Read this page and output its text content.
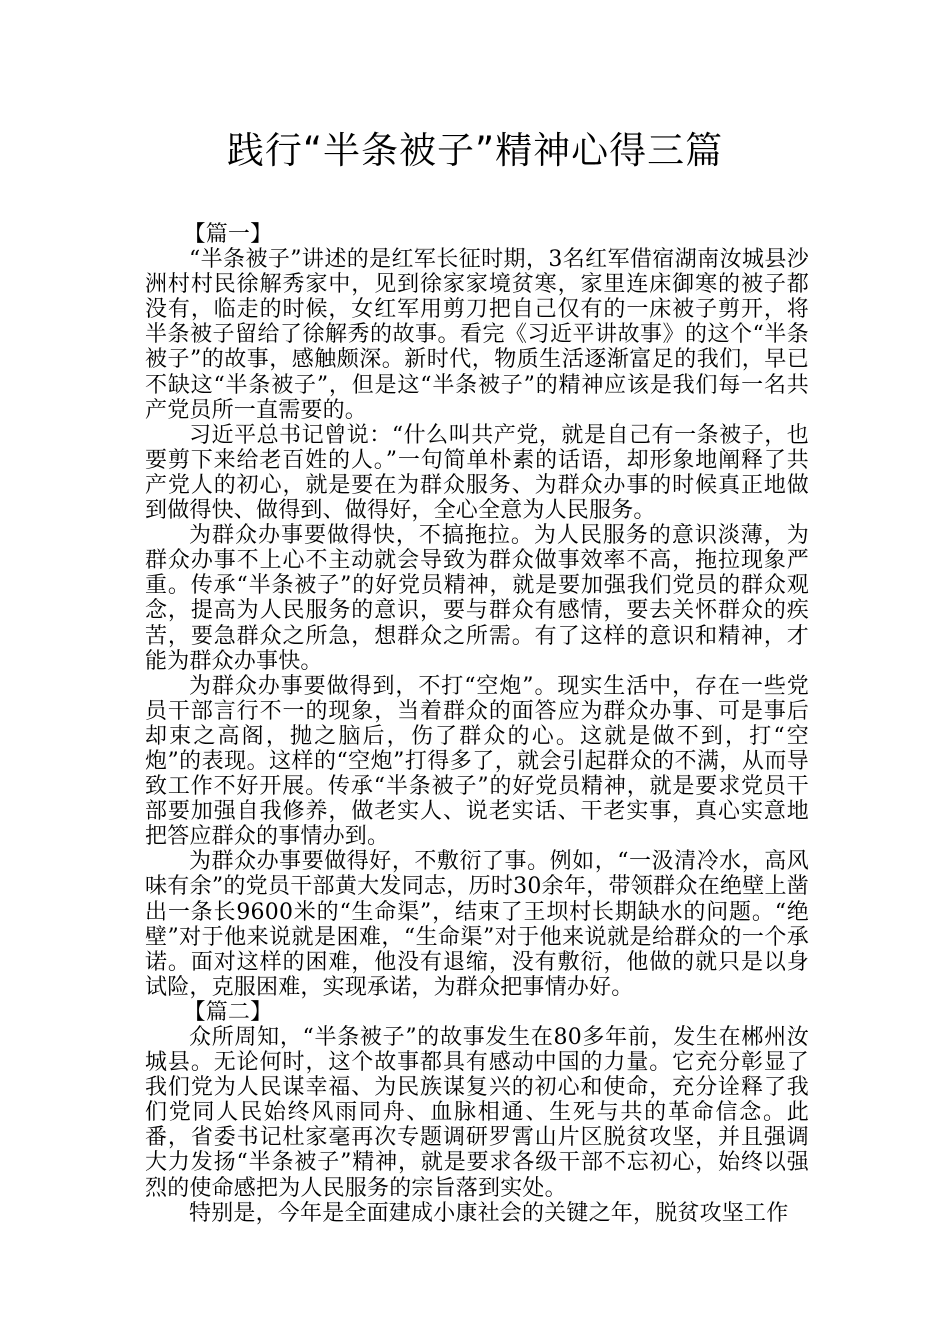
践行“半条被子”精神心得三篇
【篇一】

“半条被子”讲述的是红军长征时期，3名红军借宿湖南汝城县沙洲村村民徐解秀家中，见到徐家家境贫寒，家里连床御寒的被子都没有，临走的时候，女红军用剪刀把自己仅有的一床被子剪开，将半条被子留给了徐解秀的故事。看完《习近平讲故事》的这个“半条被子”的故事，感触颇深。新时代，物质生活逐渐富足的我们，早已不缺这“半条被子”，但是这“半条被子”的精神应该是我们每一名共产党员所一直需要的。

习近平总书记曾说：“什么叫共产党，就是自己有一条被子，也要剪下来给老百姓的人。”一句简单朴素的话语，却形象地阐释了共产党人的初心，就是要在为群众服务、为群众办事的时候真正地做到做得快、做得到、做得好，全心全意为人民服务。

为群众办事要做得快，不搞拖拉。为人民服务的意识淡薄，为群众办事不上心不主动就会导致为群众做事效率不高，拖拉现象严重。传承“半条被子”的好党员精神，就是要加强我们党员的群众观念，提高为人民服务的意识，要与群众有感情，要去关怀群众的疾苦，要急群众之所急，想群众之所需。有了这样的意识和精神，才能为群众办事快。

为群众办事要做得到，不打“空炮”。现实生活中，存在一些党员干部言行不一的现象，当着群众的面答应为群众办事、可是事后却束之高阁，抛之脑后，伤了群众的心。这就是做不到，打“空炮”的表现。这样的“空炮”打得多了，就会引起群众的不满，从而导致工作不好开展。传承“半条被子”的好党员精神，就是要求党员干部要加强自我修养，做老实人、说老实话、干老实事，真心实意地把答应群众的事情办到。

为群众办事要做得好，不敷衍了事。例如，“一汲清冷水，高风味有余”的党员干部黄大发同志，历时30余年，带领群众在绝壁上凿出一条长9600米的“生命渠”，结束了王坝村长期缺水的问题。“绝壁”对于他来说就是困难，“生命渠”对于他来说就是给群众的一个承诺。面对这样的困难，他没有退缩，没有敷衍，他做的就只是以身试险，克服困难，实现承诺，为群众把事情办好。

【篇二】

众所周知，“半条被子”的故事发生在80多年前，发生在郴州汝城县。无论何时，这个故事都具有感动中国的力量。它充分彰显了我们党为人民谋幸福、为民族谋复兴的初心和使命，充分诠释了我们党同人民始终风雨同舟、血脉相通、生死与共的革命信念。此番，省委书记杜家毫再次专题调研罗霄山片区脱贫攻坚，并且强调大力发扬“半条被子”精神，就是要求各级干部不忘初心，始终以强烈的使命感把为人民服务的宗旨落到实处。

特别是，今年是全面建成小康社会的关键之年，脱贫攻坚工作
